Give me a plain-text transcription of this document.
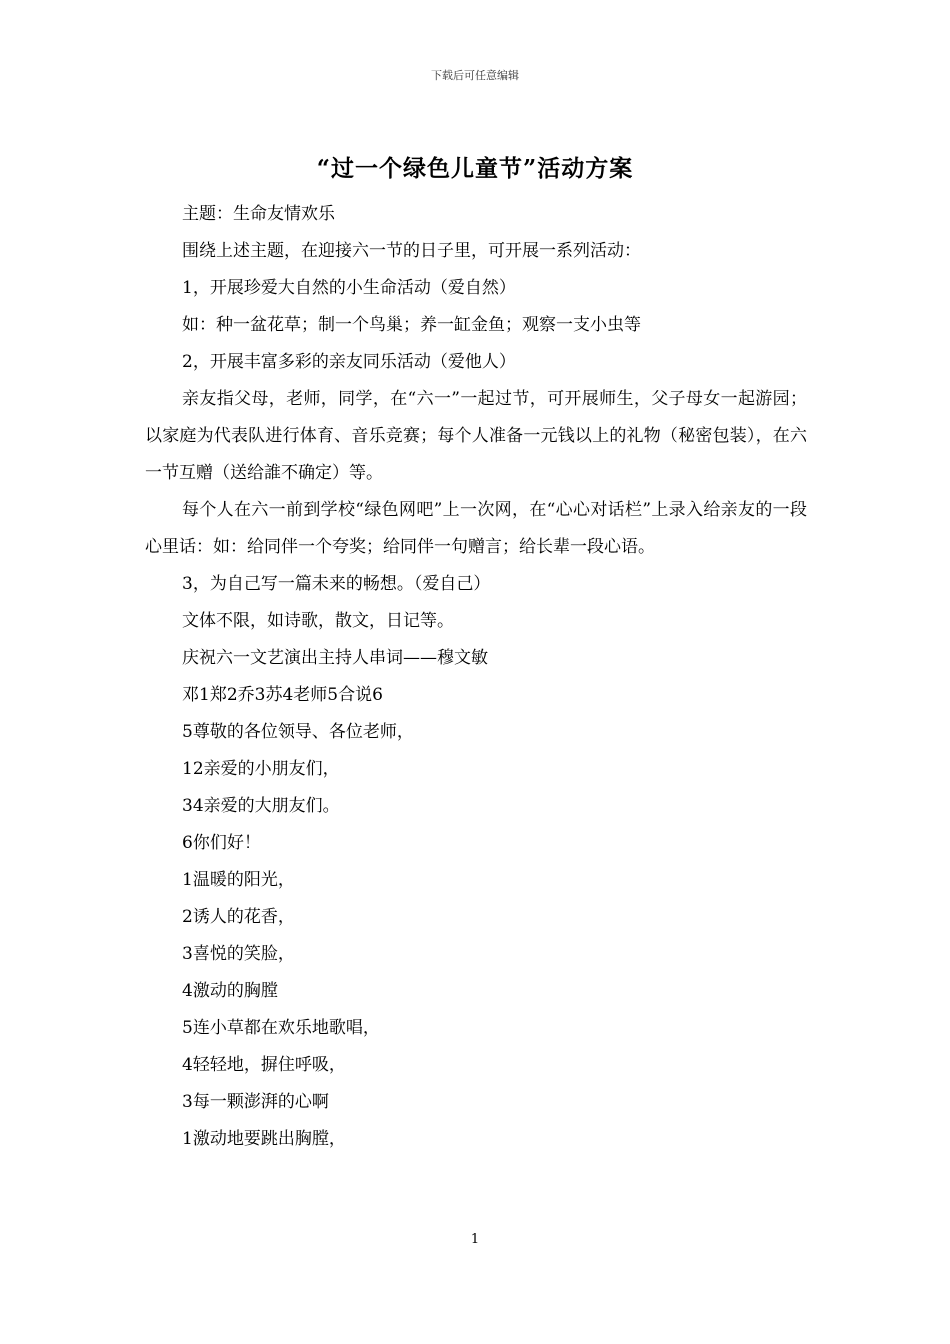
下载后可任意编辑
“过一个绿色儿童节”活动方案

主题：生命友情欢乐

围绕上述主题，在迎接六一节的日子里，可开展一系列活动：

1，开展珍爱大自然的小生命活动（爱自然）

如：种一盆花草；制一个鸟巢；养一缸金鱼；观察一支小虫等

2，开展丰富多彩的亲友同乐活动（爱他人）

亲友指父母，老师，同学，在“六一”一起过节，可开展师生，父子母女一起游园；以家庭为代表队进行体育、音乐竞赛；每个人准备一元钱以上的礼物（秘密包装），在六一节互赠（送给誰不确定）等。

每个人在六一前到学校“绿色网吧”上一次网，在“心心对话栏”上录入给亲友的一段心里话：如：给同伴一个夸奖；给同伴一句赠言；给长辈一段心语。

3，为自己写一篇未来的畅想。（爱自己）

文体不限，如诗歌，散文，日记等。

庆祝六一文艺演出主持人串词——穆文敏

邓1郑2乔3苏4老师5合说6

5尊敬的各位领导、各位老师，

12亲爱的小朋友们，

34亲爱的大朋友们。

6你们好！

1温暖的阳光，

2诱人的花香，

3喜悦的笑脸，

4激动的胸膛

5连小草都在欢乐地歌唱，

4轻轻地，摒住呼吸，

3每一颗澎湃的心啊

1激动地要跳出胸膛，

1
